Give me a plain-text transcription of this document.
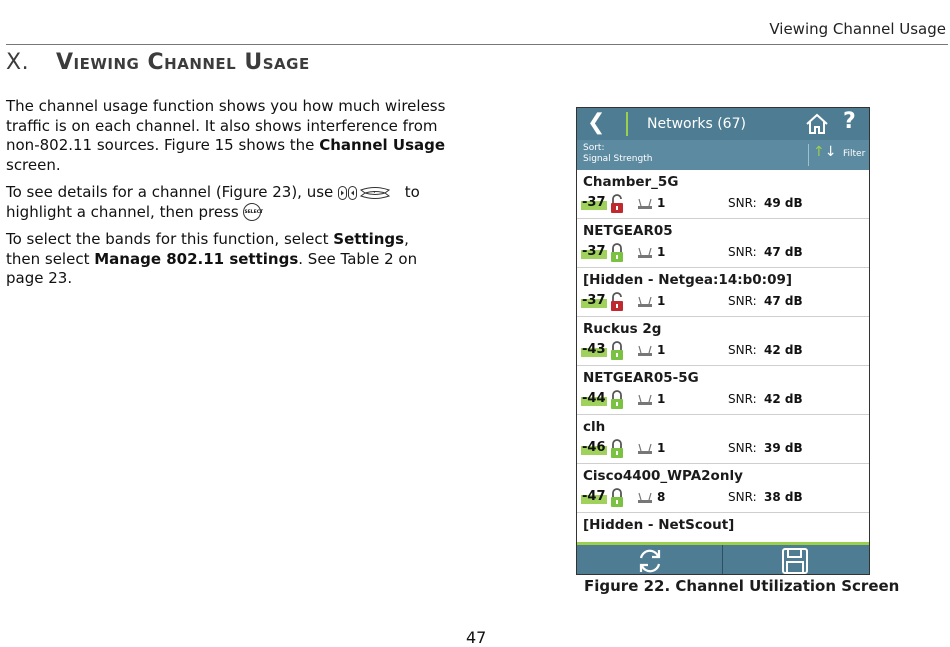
Viewing Channel Usage
X. Viewing Channel Usage

The channel usage function shows you how much wireless traffic is on each channel. It also shows interference from non-802.11 sources. Figure 15 shows the Channel Usage screen.

To see details for a channel (Figure 23), use	to highlight a channel, then press SELECT

To select the bands for this function, select Settings, then select Manage 802.11 settings. See Table 2 on page 23.

❮	Networks (67)	?
Sort:
Signal Strength	↑↓ Filter
Chamber_5G
-37	1	SNR: 49 dB
NETGEAR05
-37	1	SNR: 47 dB
[Hidden - Netgea:14:b0:09]
-37	1	SNR: 47 dB
Ruckus 2g
-43	1	SNR: 42 dB
NETGEAR05-5G
-44	1	SNR: 42 dB
clh
-46	1	SNR: 39 dB
Cisco4400_WPA2only
-47	8	SNR: 38 dB
[Hidden - NetScout]
Figure 22. Channel Utilization Screen
47
